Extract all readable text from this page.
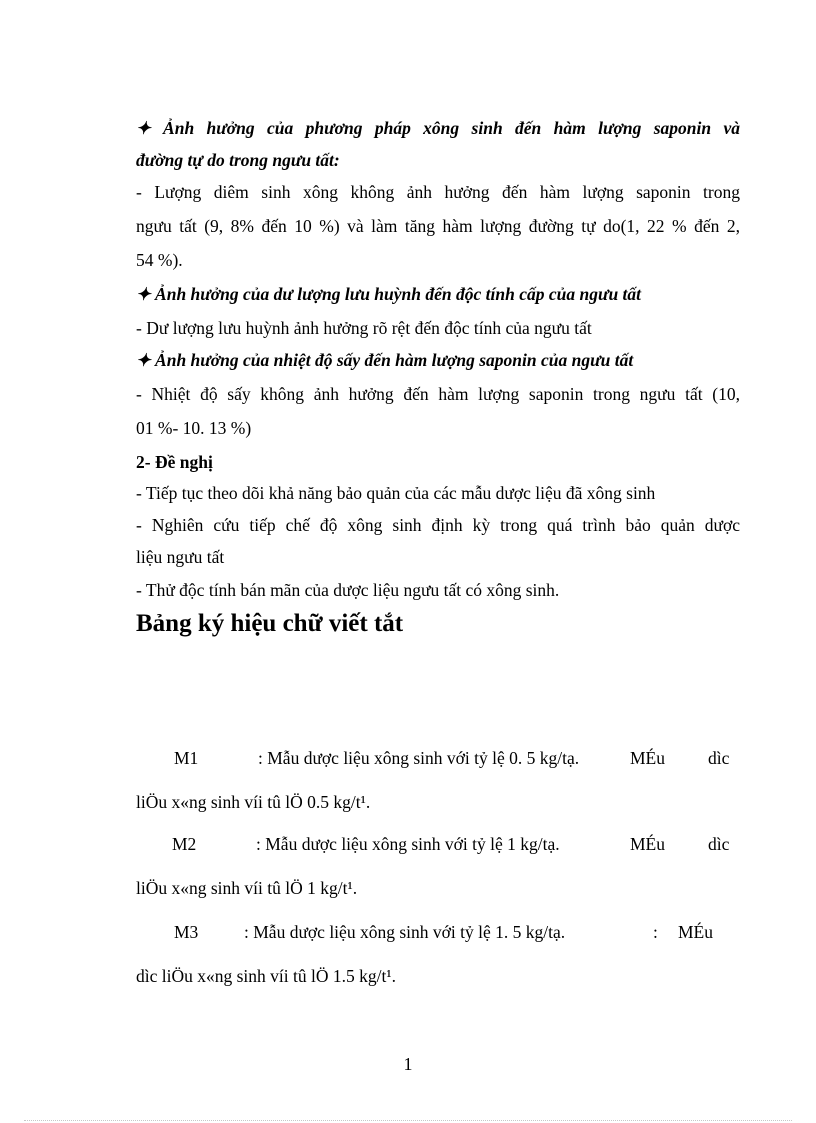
✦ Ảnh hưởng của phương pháp xông sinh đến hàm lượng saponin và
đường tự do trong ngưu tất:
- Lượng diêm sinh xông không ảnh hưởng đến hàm lượng saponin trong
ngưu tất (9, 8% đến 10 %) và làm tăng hàm lượng đường tự do(1, 22 % đến 2,
54 %).
✦ Ảnh hưởng của dư lượng lưu huỳnh đến độc tính cấp của ngưu tất
- Dư lượng lưu huỳnh ảnh hưởng rõ rệt đến độc tính của ngưu tất
✦ Ảnh hưởng của nhiệt độ sấy đến hàm lượng saponin của ngưu tất
- Nhiệt độ sấy không ảnh hưởng đến hàm lượng saponin trong ngưu tất (10,
01 %- 10. 13 %)
2- Đề nghị
- Tiếp tục theo dõi khả năng bảo quản của các mẫu dược liệu đã xông sinh
- Nghiên cứu tiếp chế độ xông sinh định kỳ trong quá trình bảo quản dược
liệu ngưu tất
- Thử độc tính bán mãn của dược liệu ngưu tất có xông sinh.
Bảng ký hiệu chữ viết tắt
M1	: Mẫu dược liệu xông sinh với tỷ lệ 0. 5 kg/tạ.	MÉu dìc
liÖu x«ng sinh víi tû lÖ 0.5 kg/t¹.
M2	: Mẫu dược liệu xông sinh với tỷ lệ 1 kg/tạ.	MÉu dìc
liÖu x«ng sinh víi tû lÖ 1 kg/t¹.
M3	: Mẫu dược liệu xông sinh với tỷ lệ 1. 5 kg/tạ.	: MÉu
dìc liÖu x«ng sinh víi tû lÖ 1.5 kg/t¹.
1
